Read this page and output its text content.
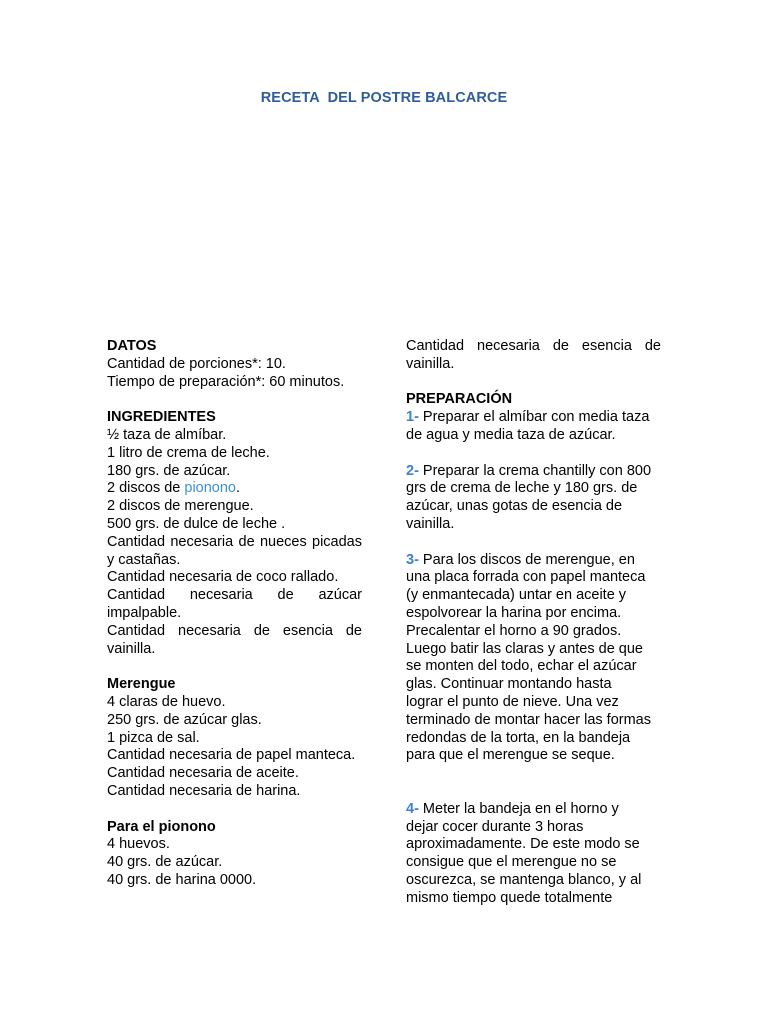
RECETA  DEL POSTRE BALCARCE
DATOS
Cantidad de porciones*: 10.
Tiempo de preparación*: 60 minutos.
INGREDIENTES
½ taza de almíbar.
1 litro de crema de leche.
180 grs. de azúcar.
2 discos de pionono.
2 discos de merengue.
500 grs. de dulce de leche .
Cantidad necesaria de nueces picadas y castañas.
Cantidad necesaria de coco rallado.
Cantidad necesaria de azúcar impalpable.
Cantidad necesaria de esencia de vainilla.
Merengue
4 claras de huevo.
250 grs. de azúcar glas.
1 pizca de sal.
Cantidad necesaria de papel manteca.
Cantidad necesaria de aceite.
Cantidad necesaria de harina.
Para el pionono
4 huevos.
40 grs. de azúcar.
40 grs. de harina 0000.
Cantidad necesaria de esencia de vainilla.
PREPARACIÓN
1- Preparar el almíbar con media taza
de agua y media taza de azúcar.
2- Preparar la crema chantilly con 800
grs de crema de leche y 180 grs. de
azúcar, unas gotas de esencia de
vainilla.
3- Para los discos de merengue, en
una placa forrada con papel manteca
(y enmantecada) untar en aceite y
espolvorear la harina por encima.
Precalentar el horno a 90 grados.
Luego batir las claras y antes de que
se monten del todo, echar el azúcar
glas. Continuar montando hasta
lograr el punto de nieve. Una vez
terminado de montar hacer las formas
redondas de la torta, en la bandeja
para que el merengue se seque.
4- Meter la bandeja en el horno y
dejar cocer durante 3 horas
aproximadamente. De este modo se
consigue que el merengue no se
oscurezca, se mantenga blanco, y al
mismo tiempo quede totalmente
